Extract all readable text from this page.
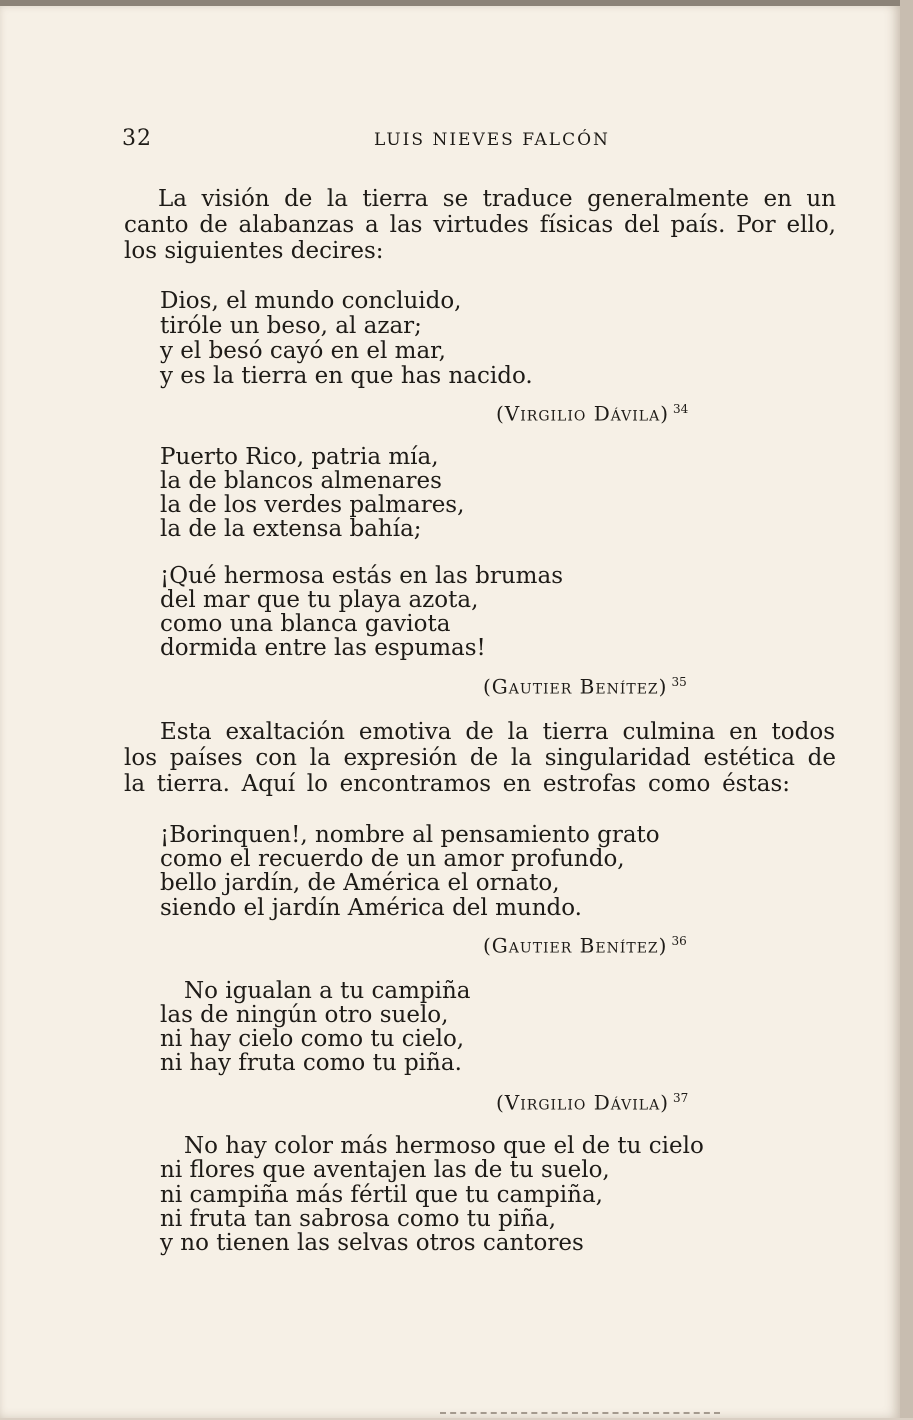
32	LUIS NIEVES FALCÓN
La visión de la tierra se traduce generalmente en un
canto de alabanzas a las virtudes físicas del país. Por ello,
los siguientes decires:
Dios, el mundo concluido,
tiróle un beso, al azar;
y el besó cayó en el mar,
y es la tierra en que has nacido.
(Virgilio Dávila) $^{34}$
Puerto Rico, patria mía,
la de blancos almenares
la de los verdes palmares,
la de la extensa bahía;
¡Qué hermosa estás en las brumas
del mar que tu playa azota,
como una blanca gaviota
dormida entre las espumas!
(Gautier Benítez) $^{35}$
Esta exaltación emotiva de la tierra culmina en todos
los países con la expresión de la singularidad estética de
la tierra. Aquí lo encontramos en estrofas como éstas:
¡Borinquen!, nombre al pensamiento grato
como el recuerdo de un amor profundo,
bello jardín, de América el ornato,
siendo el jardín América del mundo.
(Gautier Benítez) $^{36}$
No igualan a tu campiña
las de ningún otro suelo,
ni hay cielo como tu cielo,
ni hay fruta como tu piña.
(Virgilio Dávila) $^{37}$
No hay color más hermoso que el de tu cielo
ni flores que aventajen las de tu suelo,
ni campiña más fértil que tu campiña,
ni fruta tan sabrosa como tu piña,
y no tienen las selvas otros cantores
